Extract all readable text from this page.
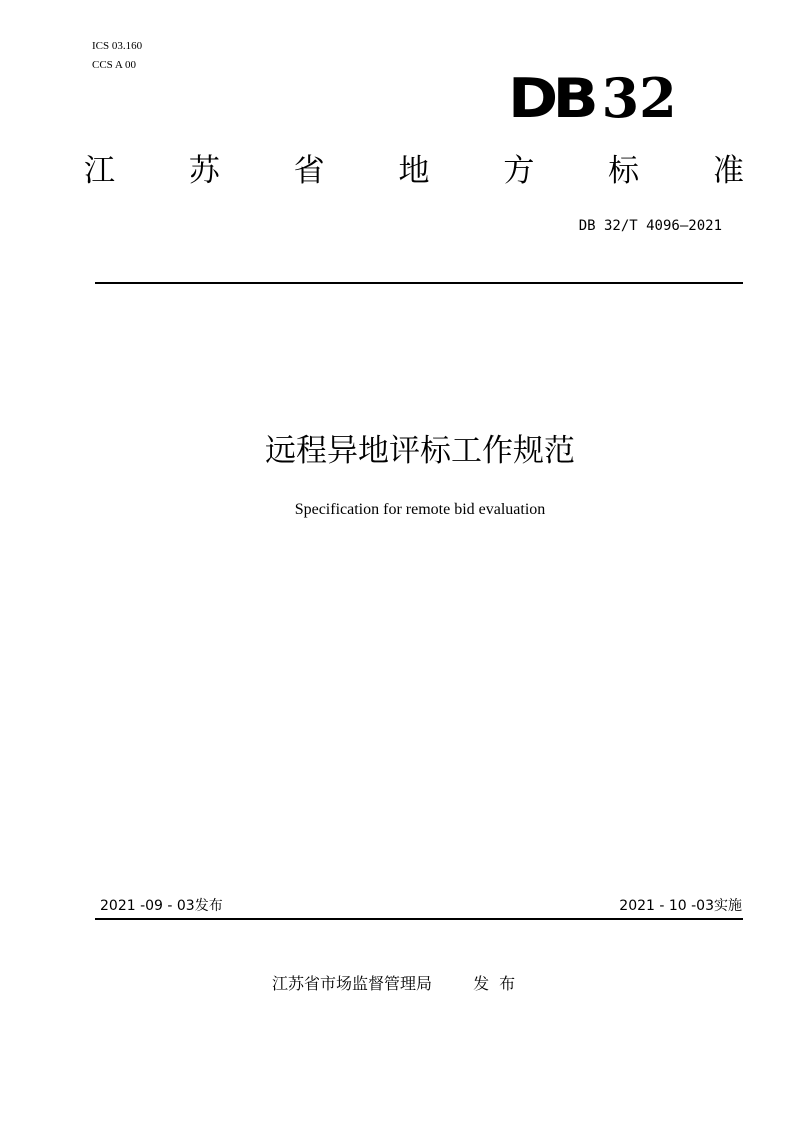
ICS 03.160
CCS A 00
DB 32
江 苏 省 地 方 标 准
DB 32/T 4096—2021
远程异地评标工作规范
Specification for remote bid evaluation
2021 -09 - 03发布	2021 - 10 -03实施
江苏省市场监督管理局	发布
